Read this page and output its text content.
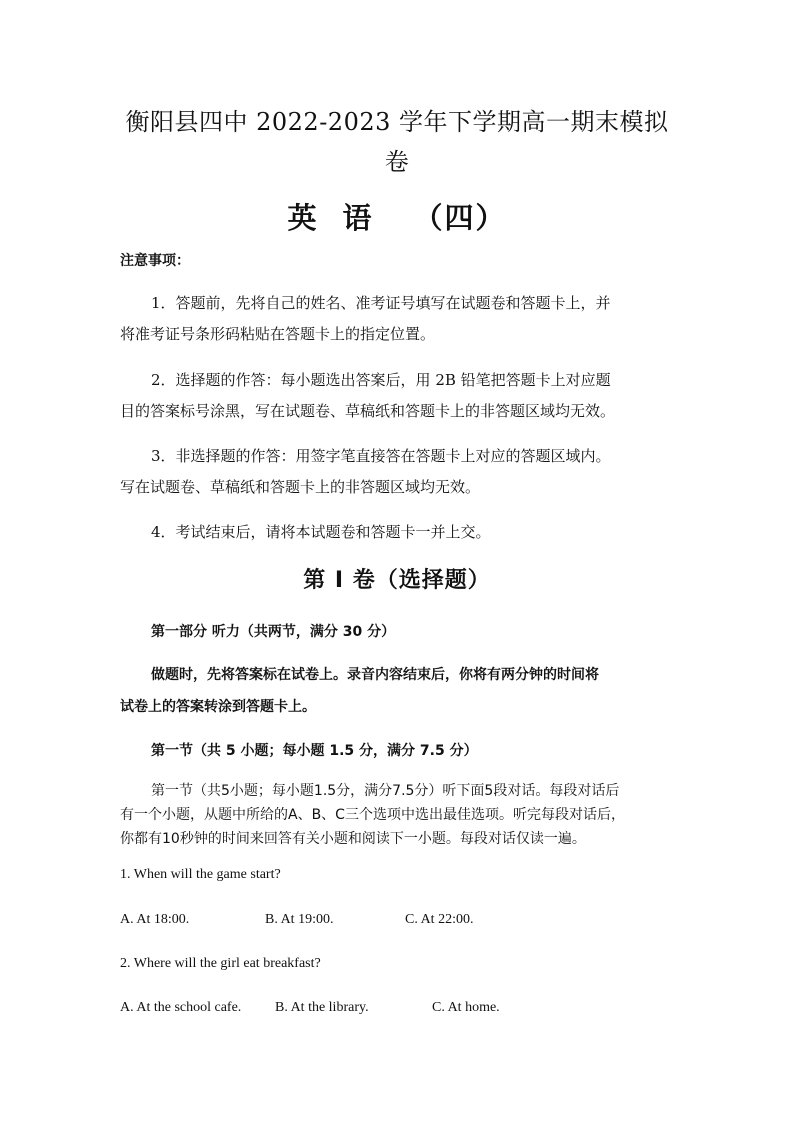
衡阳县四中 2022-2023 学年下学期高一期末模拟
卷
英 语 （四）
注意事项：
1．答题前，先将自己的姓名、准考证号填写在试题卷和答题卡上，并
将准考证号条形码粘贴在答题卡上的指定位置。
2．选择题的作答：每小题选出答案后，用 2B 铅笔把答题卡上对应题
目的答案标号涂黑，写在试题卷、草稿纸和答题卡上的非答题区域均无效。
3．非选择题的作答：用签字笔直接答在答题卡上对应的答题区域内。
写在试题卷、草稿纸和答题卡上的非答题区域均无效。
4．考试结束后，请将本试题卷和答题卡一并上交。
第 I 卷（选择题）
第一部分 听力（共两节，满分 30 分）
做题时，先将答案标在试卷上。录音内容结束后，你将有两分钟的时间将
试卷上的答案转涂到答题卡上。
第一节（共 5 小题；每小题 1.5 分，满分 7.5 分）
第一节（共5小题；每小题1.5分，满分7.5分）听下面5段对话。每段对话后
有一个小题，从题中所给的A、B、C三个选项中选出最佳选项。听完每段对话后，
你都有10秒钟的时间来回答有关小题和阅读下一小题。每段对话仅读一遍。
1. When will the game start?
A. At 18:00.	B. At 19:00.	C. At 22:00.
2. Where will the girl eat breakfast?
A. At the school cafe. B. At the library.	C. At home.
